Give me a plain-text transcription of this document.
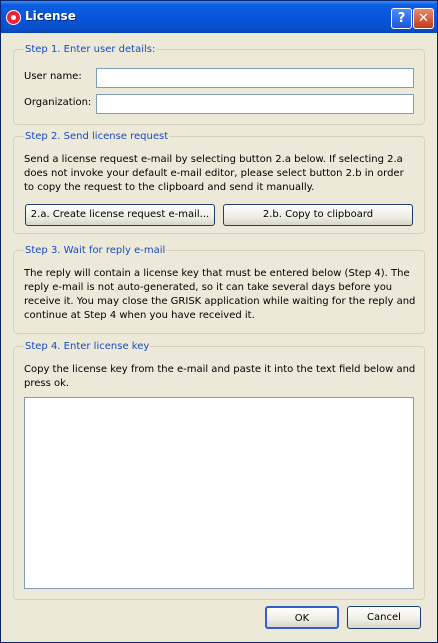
License	? ✕
Step 1. Enter user details:
User name:
Organization:
Step 2. Send license request
Send a license request e-mail by selecting button 2.a below. If selecting 2.a does not invoke your default e-mail editor, please select button 2.b in order to copy the request to the clipboard and send it manually.
2.a. Create license request e-mail...	2.b. Copy to clipboard
Step 3. Wait for reply e-mail
The reply will contain a license key that must be entered below (Step 4). The reply e-mail is not auto-generated, so it can take several days before you receive it. You may close the GRISK application while waiting for the reply and continue at Step 4 when you have received it.
Step 4. Enter license key
Copy the license key from the e-mail and paste it into the text field below and press ok.
OK	Cancel
